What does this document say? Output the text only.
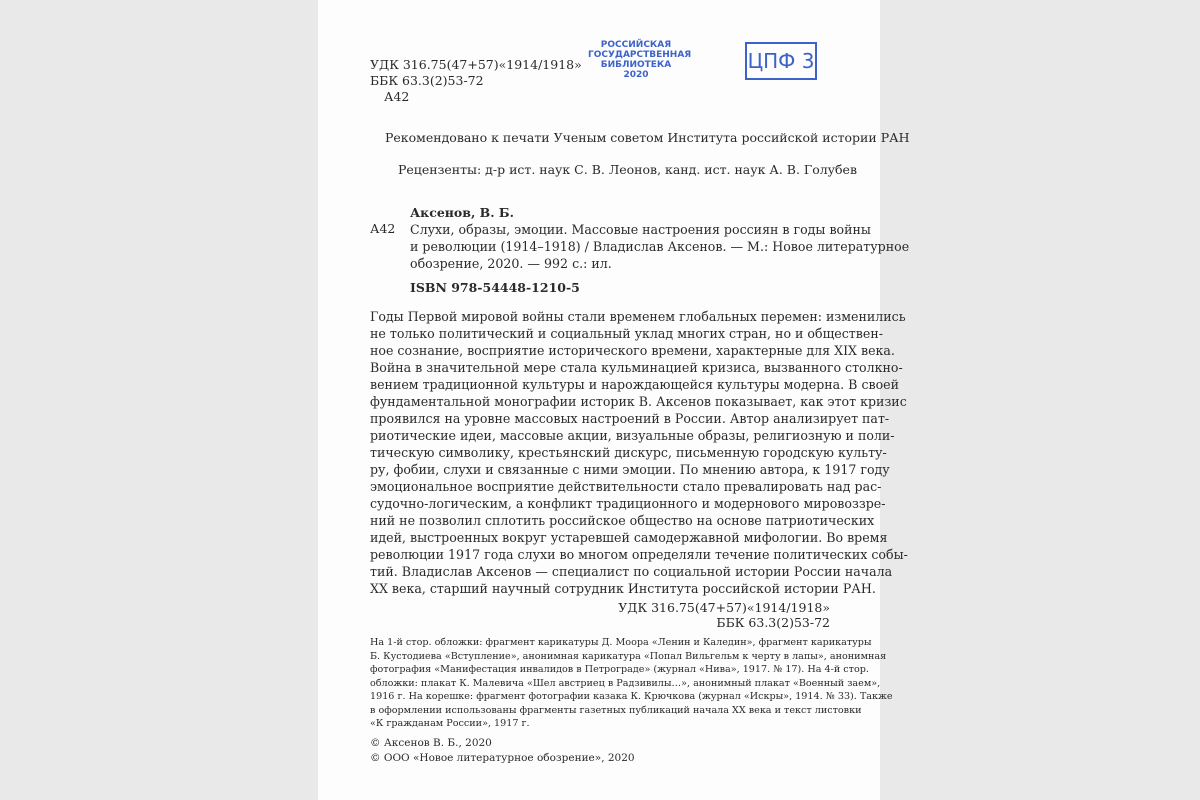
УДК 316.75(47+57)«1914/1918»
ББК 63.3(2)53-72
А42
РОССИЙСКАЯ
ГОСУДАРСТВЕННАЯ
БИБЛИОТЕКА
2020
ЦПФ 3
Рекомендовано к печати Ученым советом Института российской истории РАН
Рецензенты: д-р ист. наук С. В. Леонов, канд. ист. наук А. В. Голубев
Аксенов, В. Б.
А42 Слухи, образы, эмоции. Массовые настроения россиян в годы войны
и революции (1914–1918) / Владислав Аксенов. — М.: Новое литературное
обозрение, 2020. — 992 с.: ил.
ISBN 978-54448-1210-5
Годы Первой мировой войны стали временем глобальных перемен: изменились
не только политический и социальный уклад многих стран, но и обществен-
ное сознание, восприятие исторического времени, характерные для XIX века.
Война в значительной мере стала кульминацией кризиса, вызванного столкно-
вением традиционной культуры и нарождающейся культуры модерна. В своей
фундаментальной монографии историк В. Аксенов показывает, как этот кризис
проявился на уровне массовых настроений в России. Автор анализирует пат-
риотические идеи, массовые акции, визуальные образы, религиозную и поли-
тическую символику, крестьянский дискурс, письменную городскую культу-
ру, фобии, слухи и связанные с ними эмоции. По мнению автора, к 1917 году
эмоциональное восприятие действительности стало превалировать над рас-
судочно-логическим, а конфликт традиционного и модернового мировоззре-
ний не позволил сплотить российское общество на основе патриотических
идей, выстроенных вокруг устаревшей самодержавной мифологии. Во время
революции 1917 года слухи во многом определяли течение политических собы-
тий. Владислав Аксенов — специалист по социальной истории России начала
XX века, старший научный сотрудник Института российской истории РАН.
УДК 316.75(47+57)«1914/1918»
ББК 63.3(2)53-72
На 1-й стор. обложки: фрагмент карикатуры Д. Моора «Ленин и Каледин», фрагмент карикатуры
Б. Кустодиева «Вступление», анонимная карикатура «Попал Вильгельм к черту в лапы», анонимная
фотография «Манифестация инвалидов в Петрограде» (журнал «Нива», 1917. № 17). На 4-й стор.
обложки: плакат К. Малевича «Шел австриец в Радзивилы…», анонимный плакат «Военный заем»,
1916 г. На корешке: фрагмент фотографии казака К. Крючкова (журнал «Искры», 1914. № 33). Также
в оформлении использованы фрагменты газетных публикаций начала XX века и текст листовки
«К гражданам России», 1917 г.
© Аксенов В. Б., 2020
© ООО «Новое литературное обозрение», 2020
